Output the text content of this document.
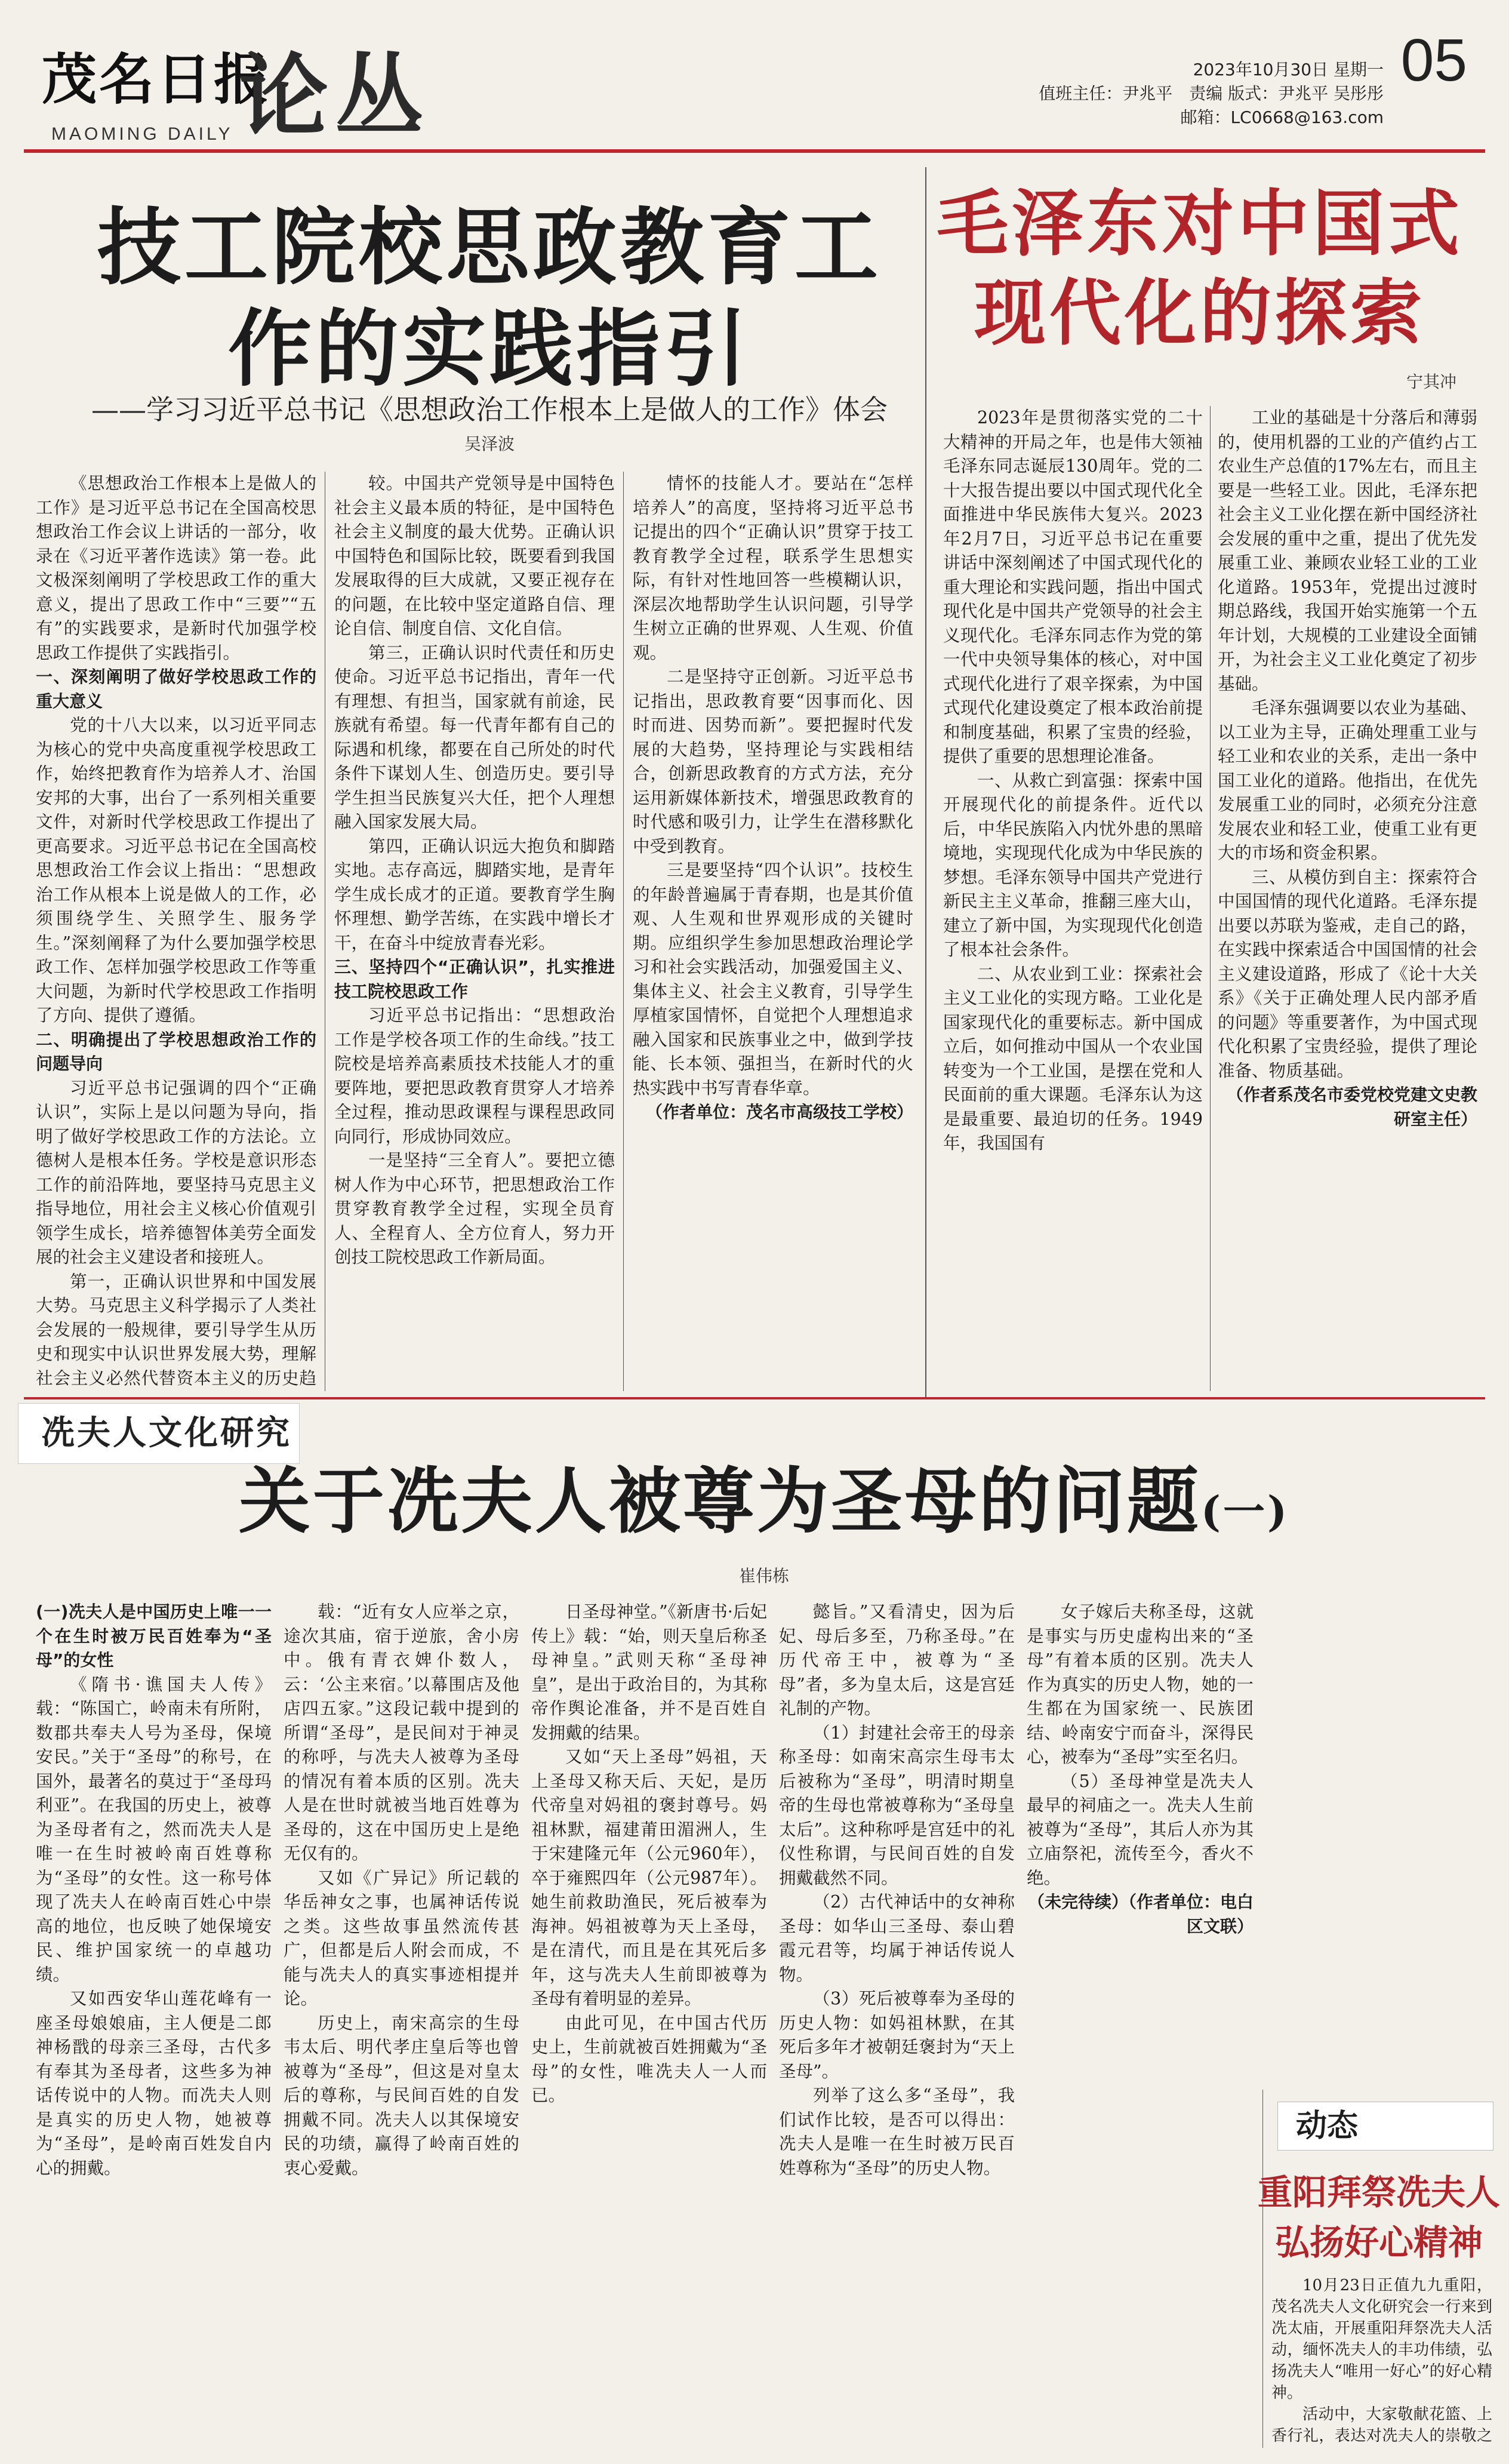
茂名日报
MAOMING DAILY 论丛	05
2023年10月30日 星期一
值班主任：尹兆平　责编 版式：尹兆平 吴彤彤
邮箱：LC0668@163.com
技工院校思政教育工作的实践指引
——学习习近平总书记《思想政治工作根本上是做人的工作》体会
吴泽波

《思想政治工作根本上是做人的工作》是习近平总书记在全国高校思想政治工作会议上讲话的一部分，收录在《习近平著作选读》第一卷。此文极深刻阐明了学校思政工作的重大意义，提出了思政工作中“三要”“五有”的实践要求，是新时代加强学校思政工作提供了实践指引。

一、深刻阐明了做好学校思政工作的重大意义

党的十八大以来，以习近平同志为核心的党中央高度重视学校思政工作，始终把教育作为培养人才、治国安邦的大事，出台了一系列相关重要文件，对新时代学校思政工作提出了更高要求。习近平总书记在全国高校思想政治工作会议上指出：“思想政治工作从根本上说是做人的工作，必须围绕学生、关照学生、服务学生。”深刻阐释了为什么要加强学校思政工作、怎样加强学校思政工作等重大问题，为新时代学校思政工作指明了方向、提供了遵循。

二、明确提出了学校思想政治工作的问题导向

习近平总书记强调的四个“正确认识”，实际上是以问题为导向，指明了做好学校思政工作的方法论。立德树人是根本任务。学校是意识形态工作的前沿阵地，要坚持马克思主义指导地位，用社会主义核心价值观引领学生成长，培养德智体美劳全面发展的社会主义建设者和接班人。

第一，正确认识世界和中国发展大势。马克思主义科学揭示了人类社会发展的一般规律，要引导学生从历史和现实中认识世界发展大势，理解社会主义必然代替资本主义的历史趋

较。中国共产党领导是中国特色社会主义最本质的特征，是中国特色社会主义制度的最大优势。正确认识中国特色和国际比较，既要看到我国发展取得的巨大成就，又要正视存在的问题，在比较中坚定道路自信、理论自信、制度自信、文化自信。

第三，正确认识时代责任和历史使命。习近平总书记指出，青年一代有理想、有担当，国家就有前途，民族就有希望。每一代青年都有自己的际遇和机缘，都要在自己所处的时代条件下谋划人生、创造历史。要引导学生担当民族复兴大任，把个人理想融入国家发展大局。

第四，正确认识远大抱负和脚踏实地。志存高远，脚踏实地，是青年学生成长成才的正道。要教育学生胸怀理想、勤学苦练，在实践中增长才干，在奋斗中绽放青春光彩。

三、坚持四个“正确认识”，扎实推进技工院校思政工作

习近平总书记指出：“思想政治工作是学校各项工作的生命线。”技工院校是培养高素质技术技能人才的重要阵地，要把思政教育贯穿人才培养全过程，推动思政课程与课程思政同向同行，形成协同效应。

一是坚持“三全育人”。要把立德树人作为中心环节，把思想政治工作贯穿教育教学全过程，实现全员育人、全程育人、全方位育人，努力开创技工院校思政工作新局面。

情怀的技能人才。要站在“怎样培养人”的高度，坚持将习近平总书记提出的四个“正确认识”贯穿于技工教育教学全过程，联系学生思想实际，有针对性地回答一些模糊认识，深层次地帮助学生认识问题，引导学生树立正确的世界观、人生观、价值观。

二是坚持守正创新。习近平总书记指出，思政教育要“因事而化、因时而进、因势而新”。要把握时代发展的大趋势，坚持理论与实践相结合，创新思政教育的方式方法，充分运用新媒体新技术，增强思政教育的时代感和吸引力，让学生在潜移默化中受到教育。

三是要坚持“四个认识”。技校生的年龄普遍属于青春期，也是其价值观、人生观和世界观形成的关键时期。应组织学生参加思想政治理论学习和社会实践活动，加强爱国主义、集体主义、社会主义教育，引导学生厚植家国情怀，自觉把个人理想追求融入国家和民族事业之中，做到学技能、长本领、强担当，在新时代的火热实践中书写青春华章。

（作者单位：茂名市高级技工学校）

毛泽东对中国式现代化的探索
宁其冲

2023年是贯彻落实党的二十大精神的开局之年，也是伟大领袖毛泽东同志诞辰130周年。党的二十大报告提出要以中国式现代化全面推进中华民族伟大复兴。2023年2月7日，习近平总书记在重要讲话中深刻阐述了中国式现代化的重大理论和实践问题，指出中国式现代化是中国共产党领导的社会主义现代化。毛泽东同志作为党的第一代中央领导集体的核心，对中国式现代化进行了艰辛探索，为中国式现代化建设奠定了根本政治前提和制度基础，积累了宝贵的经验，提供了重要的思想理论准备。

一、从救亡到富强：探索中国开展现代化的前提条件。近代以后，中华民族陷入内忧外患的黑暗境地，实现现代化成为中华民族的梦想。毛泽东领导中国共产党进行新民主主义革命，推翻三座大山，建立了新中国，为实现现代化创造了根本社会条件。

二、从农业到工业：探索社会主义工业化的实现方略。工业化是国家现代化的重要标志。新中国成立后，如何推动中国从一个农业国转变为一个工业国，是摆在党和人民面前的重大课题。毛泽东认为这是最重要、最迫切的任务。1949年，我国国有

工业的基础是十分落后和薄弱的，使用机器的工业的产值约占工农业生产总值的17%左右，而且主要是一些轻工业。因此，毛泽东把社会主义工业化摆在新中国经济社会发展的重中之重，提出了优先发展重工业、兼顾农业轻工业的工业化道路。1953年，党提出过渡时期总路线，我国开始实施第一个五年计划，大规模的工业建设全面铺开，为社会主义工业化奠定了初步基础。

毛泽东强调要以农业为基础、以工业为主导，正确处理重工业与轻工业和农业的关系，走出一条中国工业化的道路。他指出，在优先发展重工业的同时，必须充分注意发展农业和轻工业，使重工业有更大的市场和资金积累。

三、从模仿到自主：探索符合中国国情的现代化道路。毛泽东提出要以苏联为鉴戒，走自己的路，在实践中探索适合中国国情的社会主义建设道路，形成了《论十大关系》《关于正确处理人民内部矛盾的问题》等重要著作，为中国式现代化积累了宝贵经验，提供了理论准备、物质基础。

（作者系茂名市委党校党建文史教研室主任）

冼夫人文化研究
关于冼夫人被尊为圣母的问题(一)
崔伟栋

(一)冼夫人是中国历史上唯一一个在生时被万民百姓奉为“圣母”的女性

《隋书·谯国夫人传》载：“陈国亡，岭南未有所附，数郡共奉夫人号为圣母，保境安民。”关于“圣母”的称号，在国外，最著名的莫过于“圣母玛利亚”。在我国的历史上，被尊为圣母者有之，然而冼夫人是唯一在生时被岭南百姓尊称为“圣母”的女性。这一称号体现了冼夫人在岭南百姓心中崇高的地位，也反映了她保境安民、维护国家统一的卓越功绩。

又如西安华山莲花峰有一座圣母娘娘庙，主人便是二郎神杨戬的母亲三圣母，古代多有奉其为圣母者，这些多为神话传说中的人物。而冼夫人则是真实的历史人物，她被尊为“圣母”，是岭南百姓发自内心的拥戴。

载：“近有女人应举之京，途次其庙，宿于逆旅，舍小房中。俄有青衣婢仆数人，云：‘公主来宿。’以幕围店及他店四五家。”这段记载中提到的所谓“圣母”，是民间对于神灵的称呼，与冼夫人被尊为圣母的情况有着本质的区别。冼夫人是在世时就被当地百姓尊为圣母的，这在中国历史上是绝无仅有的。

又如《广异记》所记载的华岳神女之事，也属神话传说之类。这些故事虽然流传甚广，但都是后人附会而成，不能与冼夫人的真实事迹相提并论。

历史上，南宋高宗的生母韦太后、明代孝庄皇后等也曾被尊为“圣母”，但这是对皇太后的尊称，与民间百姓的自发拥戴不同。冼夫人以其保境安民的功绩，赢得了岭南百姓的衷心爱戴。

日圣母神堂。”《新唐书·后妃传上》载：“始，则天皇后称圣母神皇。”武则天称“圣母神皇”，是出于政治目的，为其称帝作舆论准备，并不是百姓自发拥戴的结果。

又如“天上圣母”妈祖，天上圣母又称天后、天妃，是历代帝皇对妈祖的褒封尊号。妈祖林默，福建莆田湄洲人，生于宋建隆元年（公元960年），卒于雍熙四年（公元987年）。她生前救助渔民，死后被奉为海神。妈祖被尊为天上圣母，是在清代，而且是在其死后多年，这与冼夫人生前即被尊为圣母有着明显的差异。

由此可见，在中国古代历史上，生前就被百姓拥戴为“圣母”的女性，唯冼夫人一人而已。

懿旨。”又看清史，因为后妃、母后多至，乃称圣母。”在历代帝王中，被尊为“圣母”者，多为皇太后，这是宫廷礼制的产物。

（1）封建社会帝王的母亲称圣母：如南宋高宗生母韦太后被称为“圣母”，明清时期皇帝的生母也常被尊称为“圣母皇太后”。这种称呼是宫廷中的礼仪性称谓，与民间百姓的自发拥戴截然不同。

（2）古代神话中的女神称圣母：如华山三圣母、泰山碧霞元君等，均属于神话传说人物。

（3）死后被尊奉为圣母的历史人物：如妈祖林默，在其死后多年才被朝廷褒封为“天上圣母”。

列举了这么多“圣母”，我们试作比较，是否可以得出：冼夫人是唯一在生时被万民百姓尊称为“圣母”的历史人物。

女子嫁后夫称圣母，这就是事实与历史虚构出来的“圣母”有着本质的区别。冼夫人作为真实的历史人物，她的一生都在为国家统一、民族团结、岭南安宁而奋斗，深得民心，被奉为“圣母”实至名归。

（5）圣母神堂是冼夫人最早的祠庙之一。冼夫人生前被尊为“圣母”，其后人亦为其立庙祭祀，流传至今，香火不绝。

（未完待续）（作者单位：电白区文联）

动态
重阳拜祭冼夫人弘扬好心精神

10月23日正值九九重阳，茂名冼夫人文化研究会一行来到冼太庙，开展重阳拜祭冼夫人活动，缅怀冼夫人的丰功伟绩，弘扬冼夫人“唯用一好心”的好心精神。

活动中，大家敬献花篮、上香行礼，表达对冼夫人的崇敬之
